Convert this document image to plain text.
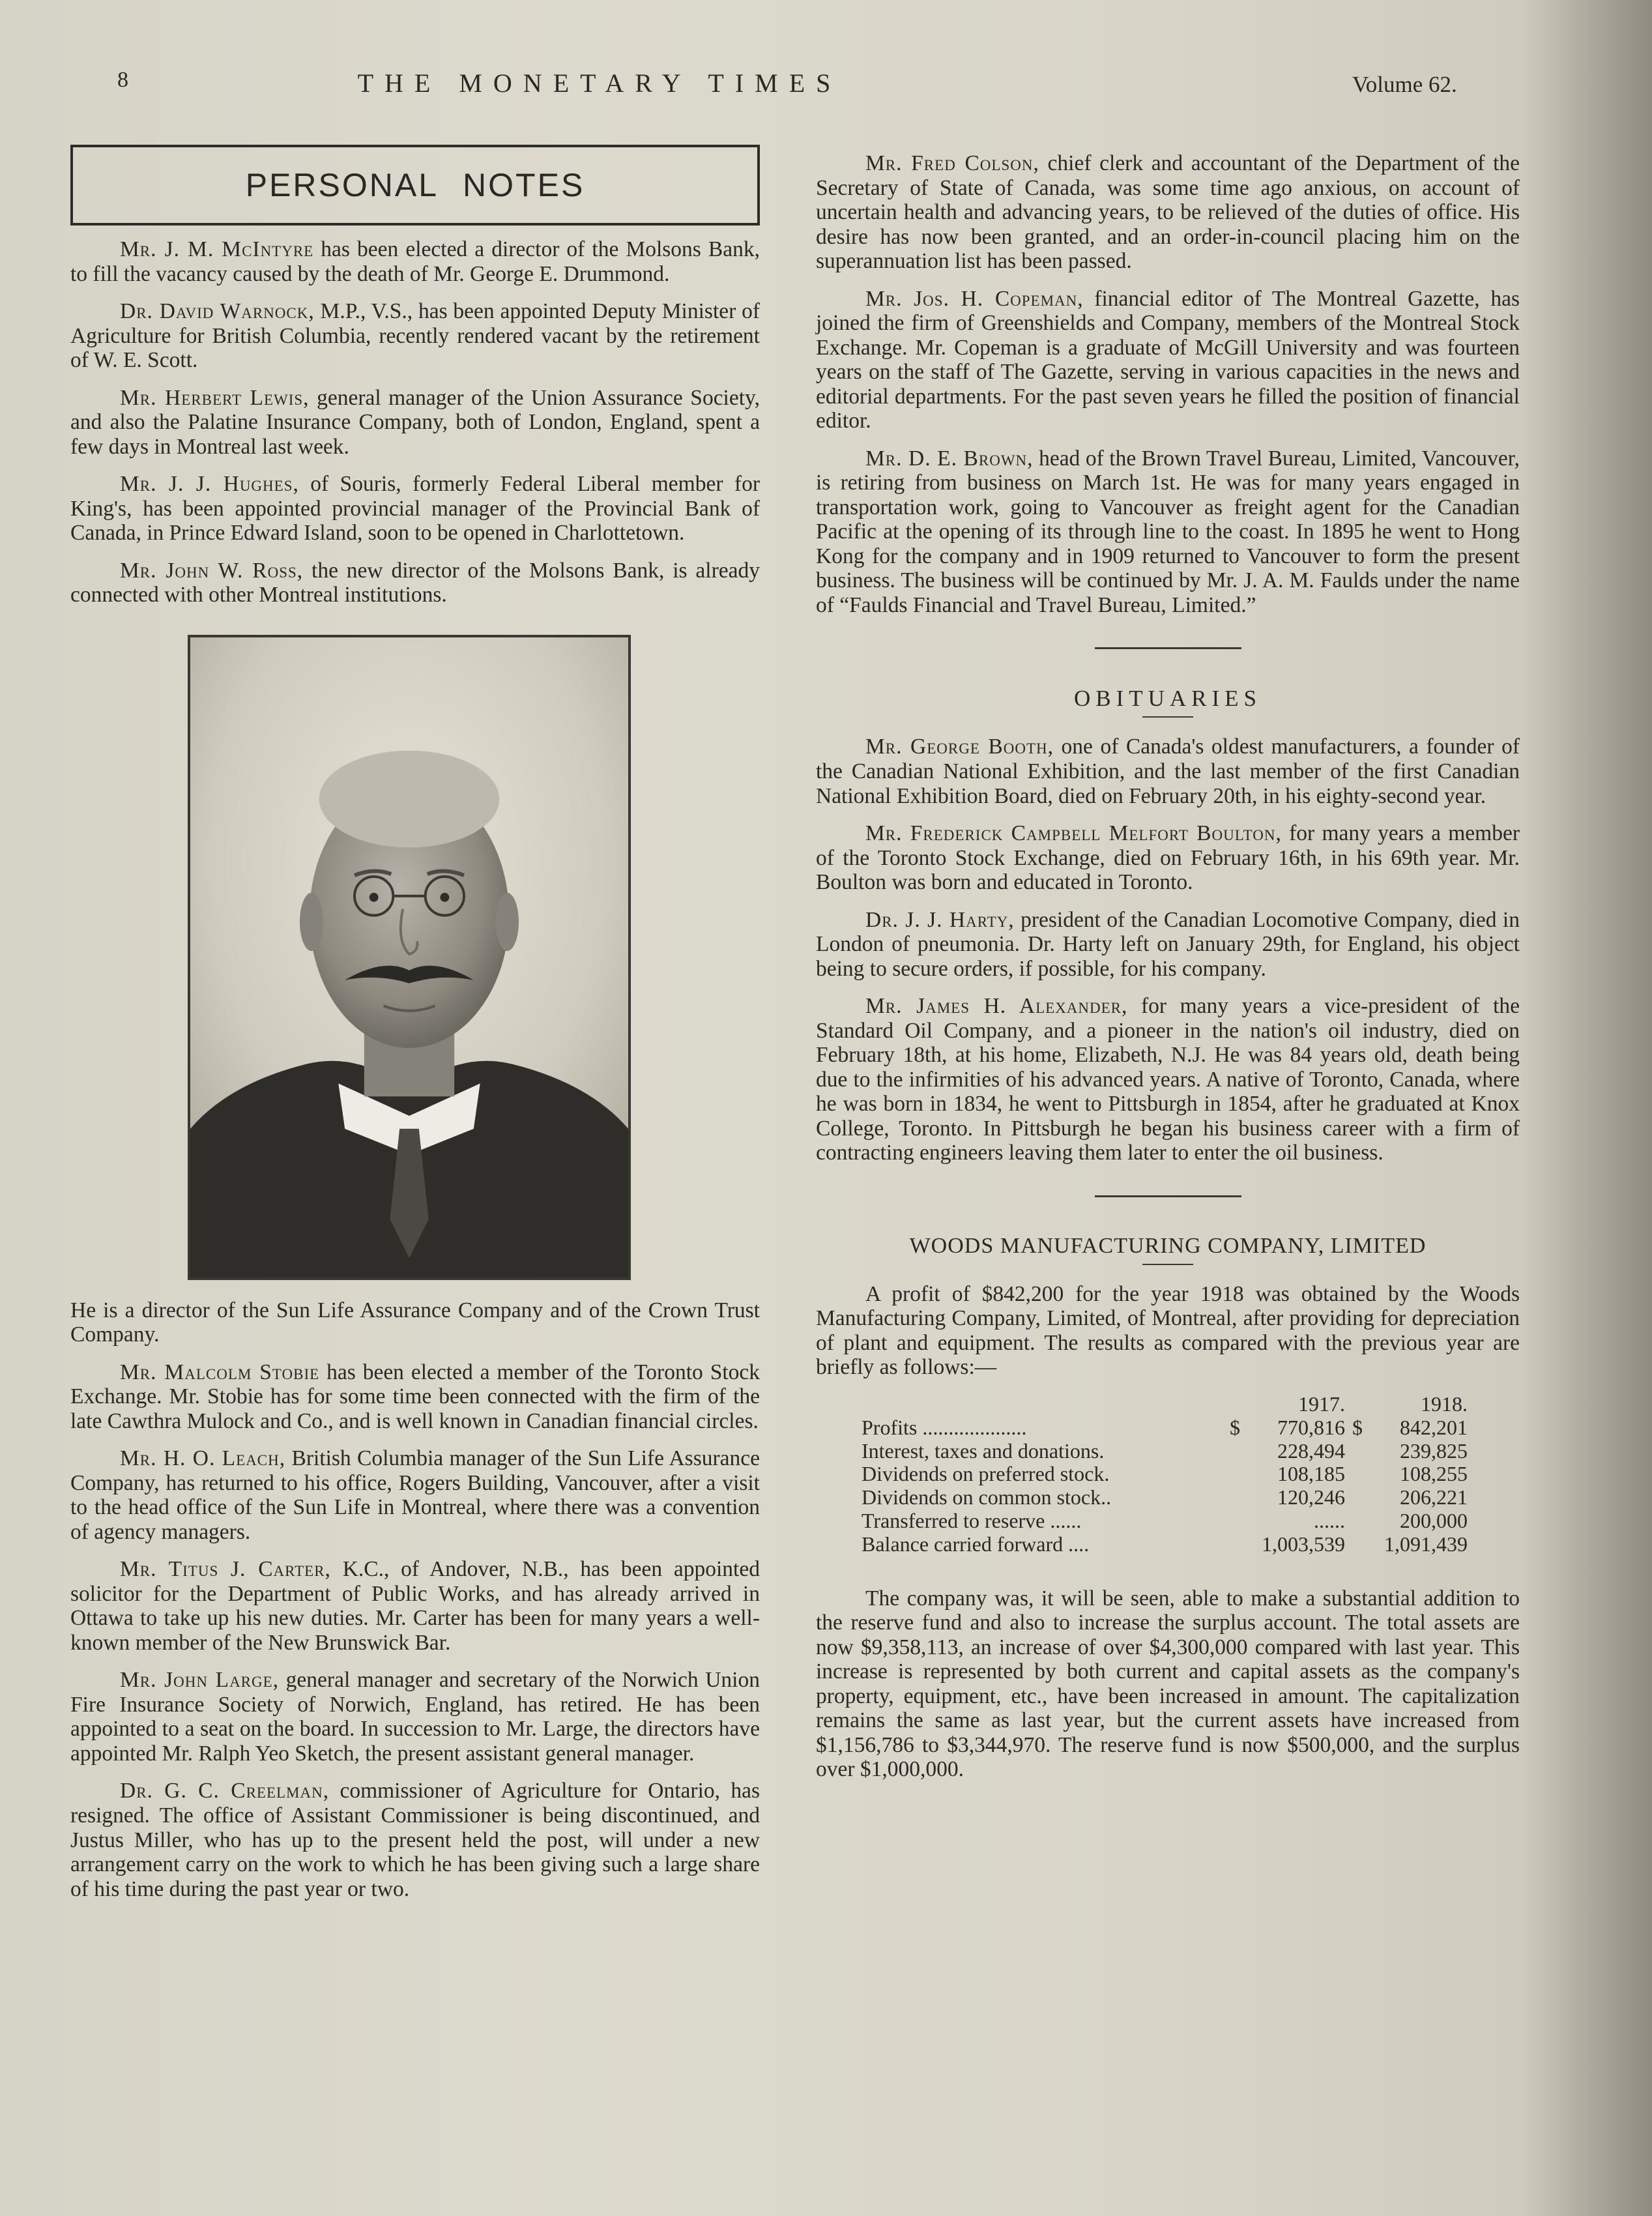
8	THE MONETARY TIMES	Volume 62.
PERSONAL NOTES

Mr. J. M. McIntyre has been elected a director of the Molsons Bank, to fill the vacancy caused by the death of Mr. George E. Drummond.

Dr. David Warnock, M.P., V.S., has been appointed Deputy Minister of Agriculture for British Columbia, recently rendered vacant by the retirement of W. E. Scott.

Mr. Herbert Lewis, general manager of the Union Assurance Society, and also the Palatine Insurance Company, both of London, England, spent a few days in Montreal last week.

Mr. J. J. Hughes, of Souris, formerly Federal Liberal member for King's, has been appointed provincial manager of the Provincial Bank of Canada, in Prince Edward Island, soon to be opened in Charlottetown.

Mr. John W. Ross, the new director of the Molsons Bank, is already connected with other Montreal institutions.

He is a director of the Sun Life Assurance Company and of the Crown Trust Company.

Mr. Malcolm Stobie has been elected a member of the Toronto Stock Exchange. Mr. Stobie has for some time been connected with the firm of the late Cawthra Mulock and Co., and is well known in Canadian financial circles.

Mr. H. O. Leach, British Columbia manager of the Sun Life Assurance Company, has returned to his office, Rogers Building, Vancouver, after a visit to the head office of the Sun Life in Montreal, where there was a convention of agency managers.

Mr. Titus J. Carter, K.C., of Andover, N.B., has been appointed solicitor for the Department of Public Works, and has already arrived in Ottawa to take up his new duties. Mr. Carter has been for many years a well-known member of the New Brunswick Bar.

Mr. John Large, general manager and secretary of the Norwich Union Fire Insurance Society of Norwich, England, has retired. He has been appointed to a seat on the board. In succession to Mr. Large, the directors have appointed Mr. Ralph Yeo Sketch, the present assistant general manager.

Dr. G. C. Creelman, commissioner of Agriculture for Ontario, has resigned. The office of Assistant Commissioner is being discontinued, and Justus Miller, who has up to the present held the post, will under a new arrangement carry on the work to which he has been giving such a large share of his time during the past year or two.

Mr. Fred Colson, chief clerk and accountant of the Department of the Secretary of State of Canada, was some time ago anxious, on account of uncertain health and advancing years, to be relieved of the duties of office. His desire has now been granted, and an order-in-council placing him on the superannuation list has been passed.

Mr. Jos. H. Copeman, financial editor of The Montreal Gazette, has joined the firm of Greenshields and Company, members of the Montreal Stock Exchange. Mr. Copeman is a graduate of McGill University and was fourteen years on the staff of The Gazette, serving in various capacities in the news and editorial departments. For the past seven years he filled the position of financial editor.

Mr. D. E. Brown, head of the Brown Travel Bureau, Limited, Vancouver, is retiring from business on March 1st. He was for many years engaged in transportation work, going to Vancouver as freight agent for the Canadian Pacific at the opening of its through line to the coast. In 1895 he went to Hong Kong for the company and in 1909 returned to Vancouver to form the present business. The business will be continued by Mr. J. A. M. Faulds under the name of “Faulds Financial and Travel Bureau, Limited.”

OBITUARIES

Mr. George Booth, one of Canada's oldest manufacturers, a founder of the Canadian National Exhibition, and the last member of the first Canadian National Exhibition Board, died on February 20th, in his eighty-second year.

Mr. Frederick Campbell Melfort Boulton, for many years a member of the Toronto Stock Exchange, died on February 16th, in his 69th year. Mr. Boulton was born and educated in Toronto.

Dr. J. J. Harty, president of the Canadian Locomotive Company, died in London of pneumonia. Dr. Harty left on January 29th, for England, his object being to secure orders, if possible, for his company.

Mr. James H. Alexander, for many years a vice-president of the Standard Oil Company, and a pioneer in the nation's oil industry, died on February 18th, at his home, Elizabeth, N.J. He was 84 years old, death being due to the infirmities of his advanced years. A native of Toronto, Canada, where he was born in 1834, he went to Pittsburgh in 1854, after he graduated at Knox College, Toronto. In Pittsburgh he began his business career with a firm of contracting engineers leaving them later to enter the oil business.

WOODS MANUFACTURING COMPANY, LIMITED

A profit of $842,200 for the year 1918 was obtained by the Woods Manufacturing Company, Limited, of Montreal, after providing for depreciation of plant and equipment. The results as compared with the previous year are briefly as follows:—

		1917.		1918.
Profits ....................	$	770,816	$	842,201
Interest, taxes and donations.		228,494		239,825
Dividends on preferred stock.		108,185		108,255
Dividends on common stock..		120,246		206,221
Transferred to reserve ......		......		200,000
Balance carried forward ....		1,003,539		1,091,439

The company was, it will be seen, able to make a substantial addition to the reserve fund and also to increase the surplus account. The total assets are now $9,358,113, an increase of over $4,300,000 compared with last year. This increase is represented by both current and capital assets as the company's property, equipment, etc., have been increased in amount. The capitalization remains the same as last year, but the current assets have increased from $1,156,786 to $3,344,970. The reserve fund is now $500,000, and the surplus over $1,000,000.
